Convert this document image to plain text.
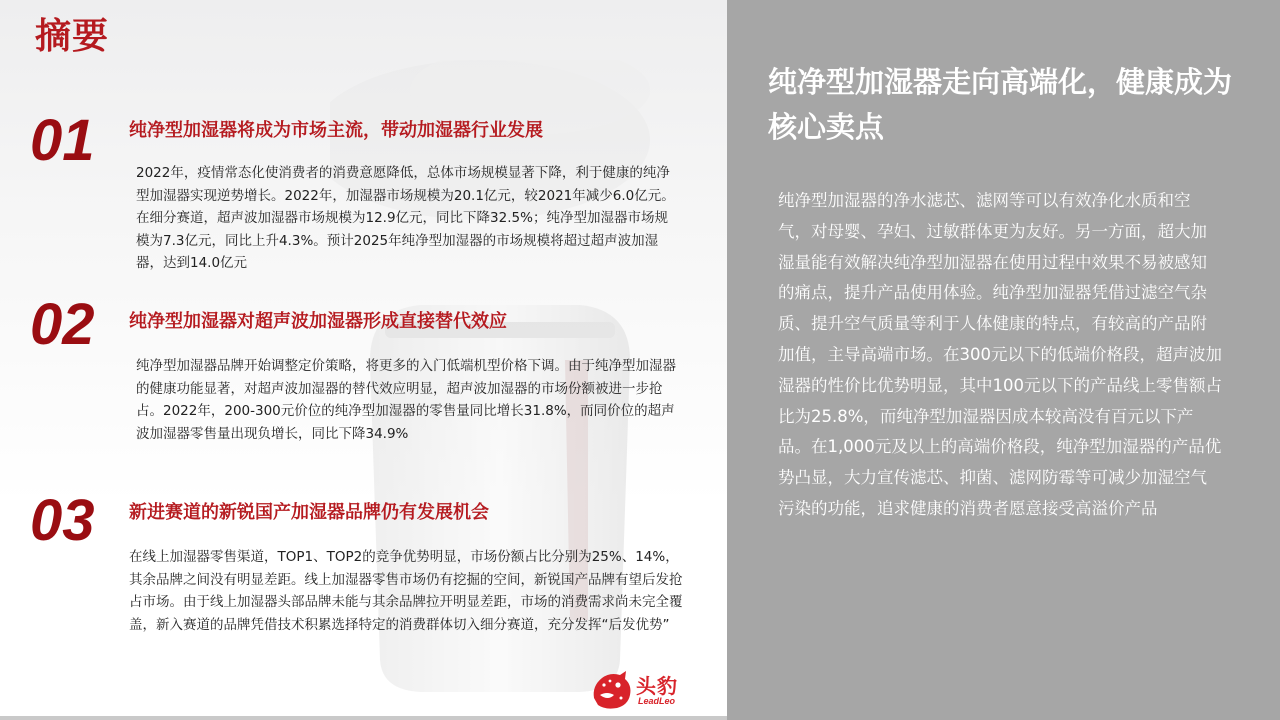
摘要
01 纯净型加湿器将成为市场主流，带动加湿器行业发展
2022年，疫情常态化使消费者的消费意愿降低，总体市场规模显著下降，利于健康的纯净型加湿器实现逆势增长。2022年，加湿器市场规模为20.1亿元，较2021年减少6.0亿元。在细分赛道，超声波加湿器市场规模为12.9亿元，同比下降32.5%；纯净型加湿器市场规模为7.3亿元，同比上升4.3%。预计2025年纯净型加湿器的市场规模将超过超声波加湿器，达到14.0亿元
02 纯净型加湿器对超声波加湿器形成直接替代效应
纯净型加湿器品牌开始调整定价策略，将更多的入门低端机型价格下调。由于纯净型加湿器的健康功能显著，对超声波加湿器的替代效应明显，超声波加湿器的市场份额被进一步抢占。2022年，200-300元价位的纯净型加湿器的零售量同比增长31.8%，而同价位的超声波加湿器零售量出现负增长，同比下降34.9%
03 新进赛道的新锐国产加湿器品牌仍有发展机会
在线上加湿器零售渠道，TOP1、TOP2的竞争优势明显，市场份额占比分别为25%、14%，其余品牌之间没有明显差距。线上加湿器零售市场仍有挖掘的空间，新锐国产品牌有望后发抢占市场。由于线上加湿器头部品牌未能与其余品牌拉开明显差距，市场的消费需求尚未完全覆盖，新入赛道的品牌凭借技术积累选择特定的消费群体切入细分赛道，充分发挥“后发优势”
头豹
LeadLeo
纯净型加湿器走向高端化，健康成为核心卖点
纯净型加湿器的净水滤芯、滤网等可以有效净化水质和空气，对母婴、孕妇、过敏群体更为友好。另一方面，超大加湿量能有效解决纯净型加湿器在使用过程中效果不易被感知的痛点，提升产品使用体验。纯净型加湿器凭借过滤空气杂质、提升空气质量等利于人体健康的特点，有较高的产品附加值，主导高端市场。在300元以下的低端价格段，超声波加湿器的性价比优势明显，其中100元以下的产品线上零售额占比为25.8%，而纯净型加湿器因成本较高没有百元以下产品。在1,000元及以上的高端价格段，纯净型加湿器的产品优势凸显，大力宣传滤芯、抑菌、滤网防霉等可减少加湿空气污染的功能，追求健康的消费者愿意接受高溢价产品
